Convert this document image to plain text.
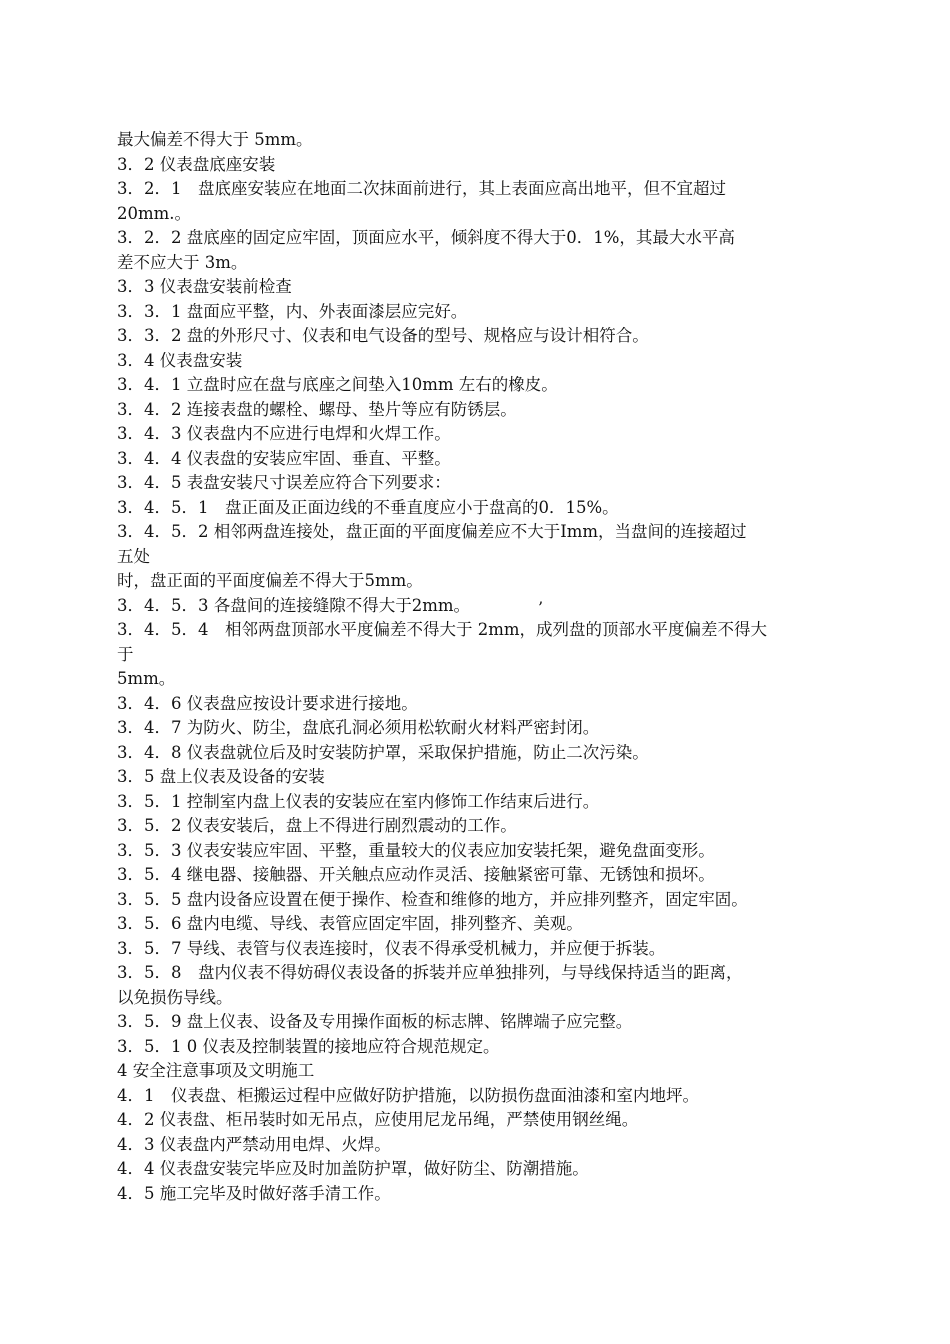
最大偏差不得大于 5mm。
3．2 仪表盘底座安装
3．2．1　盘底座安装应在地面二次抹面前进行，其上表面应高出地平，但不宜超过
20mm.。
3．2．2 盘底座的固定应牢固，顶面应水平，倾斜度不得大于0．1%，其最大水平高
差不应大于 3m。
3．3 仪表盘安装前检查
3．3．1 盘面应平整，内、外表面漆层应完好。
3．3．2 盘的外形尺寸、仪表和电气设备的型号、规格应与设计相符合。
3．4 仪表盘安装
3．4．1 立盘时应在盘与底座之间垫入10mm 左右的橡皮。
3．4．2 连接表盘的螺栓、螺母、垫片等应有防锈层。
3．4．3 仪表盘内不应进行电焊和火焊工作。
3．4．4 仪表盘的安装应牢固、垂直、平整。
3．4．5 表盘安装尺寸误差应符合下列要求：
3．4．5．1　盘正面及正面边线的不垂直度应小于盘高的0．15%。
3．4．5．2 相邻两盘连接处，盘正面的平面度偏差应不大于Imm，当盘间的连接超过
五处
时，盘正面的平面度偏差不得大于5mm。
3．4．5．3 各盘间的连接缝隙不得大于2mm。
3．4．5．4　相邻两盘顶部水平度偏差不得大于 2mm，成列盘的顶部水平度偏差不得大
于
5mm。
3．4．6 仪表盘应按设计要求进行接地。
3．4．7 为防火、防尘，盘底孔洞必须用松软耐火材料严密封闭。
3．4．8 仪表盘就位后及时安装防护罩，采取保护措施，防止二次污染。
3．5 盘上仪表及设备的安装
3．5．1 控制室内盘上仪表的安装应在室内修饰工作结束后进行。
3．5．2 仪表安装后，盘上不得进行剧烈震动的工作。
3．5．3 仪表安装应牢固、平整，重量较大的仪表应加安装托架，避免盘面变形。
3．5．4 继电器、接触器、开关触点应动作灵活、接触紧密可靠、无锈蚀和损坏。
3．5．5 盘内设备应设置在便于操作、检查和维修的地方，并应排列整齐，固定牢固。
3．5．6 盘内电缆、导线、表管应固定牢固，排列整齐、美观。
3．5．7 导线、表管与仪表连接时，仪表不得承受机械力，并应便于拆装。
3．5．8　盘内仪表不得妨碍仪表设备的拆装并应单独排列，与导线保持适当的距离，
以免损伤导线。
3．5．9 盘上仪表、设备及专用操作面板的标志牌、铭牌端子应完整。
3．5．1 0 仪表及控制装置的接地应符合规范规定。
4 安全注意事项及文明施工
4．1　仪表盘、柜搬运过程中应做好防护措施，以防损伤盘面油漆和室内地坪。
4．2 仪表盘、柜吊装时如无吊点，应使用尼龙吊绳，严禁使用钢丝绳。
4．3 仪表盘内严禁动用电焊、火焊。
4．4 仪表盘安装完毕应及时加盖防护罩，做好防尘、防潮措施。
4．5 施工完毕及时做好落手清工作。
’
